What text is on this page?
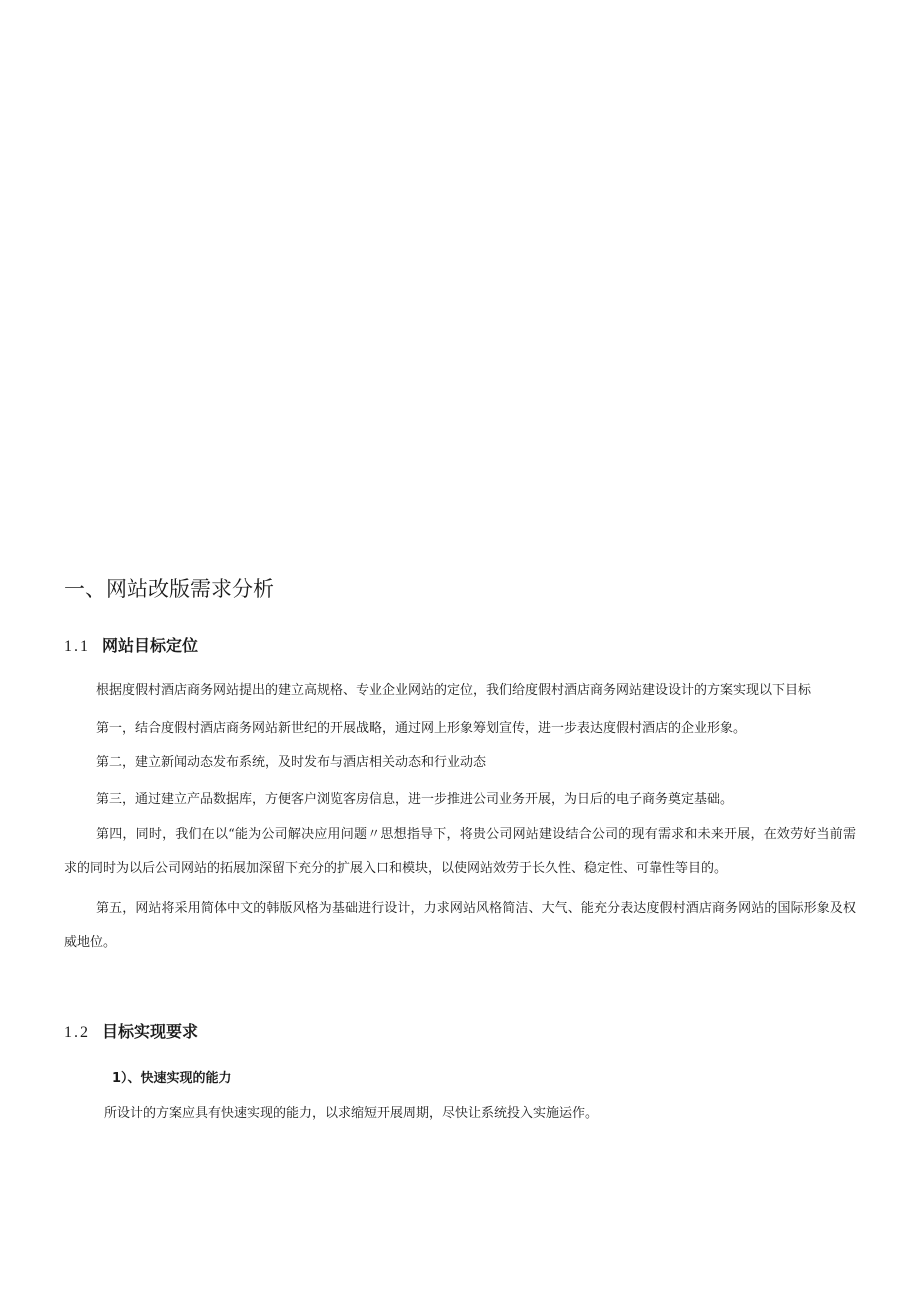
一、网站改版需求分析
1.1 网站目标定位

根据度假村酒店商务网站提出的建立高规格、专业企业网站的定位，我们给度假村酒店商务网站建设设计的方案实现以下目标

第一，结合度假村酒店商务网站新世纪的开展战略，通过网上形象筹划宣传，进一步表达度假村酒店的企业形象。

第二，建立新闻动态发布系统，及时发布与酒店相关动态和行业动态

第三，通过建立产品数据库，方便客户浏览客房信息，进一步推进公司业务开展，为日后的电子商务奠定基础。

第四，同时，我们在以“能为公司解决应用问题〃思想指导下，将贵公司网站建设结合公司的现有需求和未来开展，在效劳好当前需求的同时为以后公司网站的拓展加深留下充分的扩展入口和模块，以使网站效劳于长久性、稳定性、可靠性等目的。

第五，网站将采用简体中文的韩版风格为基础进行设计，力求网站风格简洁、大气、能充分表达度假村酒店商务网站的国际形象及权威地位。

1.2 目标实现要求
1）、快速实现的能力

所设计的方案应具有快速实现的能力，以求缩短开展周期，尽快让系统投入实施运作。
